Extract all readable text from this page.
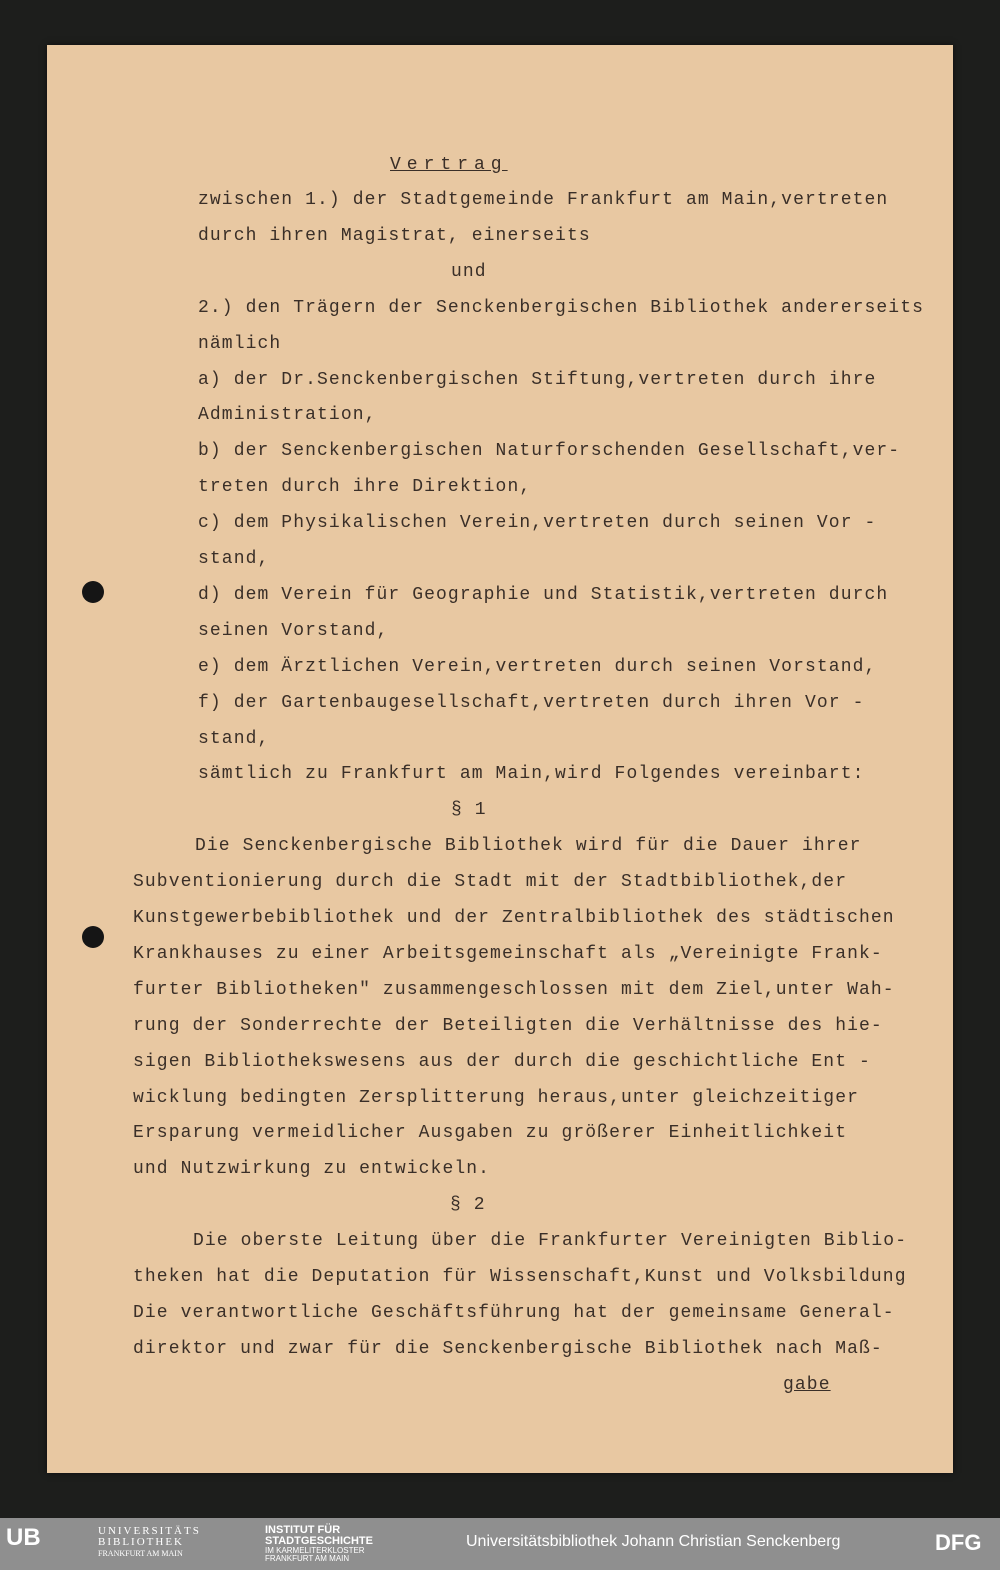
Vertrag
zwischen 1.) der Stadtgemeinde Frankfurt am Main,vertreten
durch ihren Magistrat, einerseits
und
2.) den Trägern der Senckenbergischen Bibliothek andererseits
nämlich
a) der Dr.Senckenbergischen Stiftung,vertreten durch ihre
Administration,
b) der Senckenbergischen Naturforschenden Gesellschaft,ver-
treten durch ihre Direktion,
c) dem Physikalischen Verein,vertreten durch seinen Vor -
stand,
d) dem Verein für Geographie und Statistik,vertreten durch
seinen Vorstand,
e) dem Ärztlichen Verein,vertreten durch seinen Vorstand,
f) der Gartenbaugesellschaft,vertreten durch ihren Vor -
stand,
sämtlich zu Frankfurt am Main,wird Folgendes vereinbart:
§ 1
Die Senckenbergische Bibliothek wird für die Dauer ihrer
Subventionierung durch die Stadt mit der Stadtbibliothek,der
Kunstgewerbebibliothek und der Zentralbibliothek des städtischen
Krankhauses zu einer Arbeitsgemeinschaft als „Vereinigte Frank-
furter Bibliotheken" zusammengeschlossen mit dem Ziel,unter Wah-
rung der Sonderrechte der Beteiligten die Verhältnisse des hie-
sigen Bibliothekswesens aus der durch die geschichtliche Ent -
wicklung bedingten Zersplitterung heraus,unter gleichzeitiger
Ersparung vermeidlicher Ausgaben zu größerer Einheitlichkeit
und Nutzwirkung zu entwickeln.
§ 2
Die oberste Leitung über die Frankfurter Vereinigten Biblio-
theken hat die Deputation für Wissenschaft,Kunst und Volksbildung
Die verantwortliche Geschäftsführung hat der gemeinsame General-
direktor und zwar für die Senckenbergische Bibliothek nach Maß-
gabe
UB	UNIVERSITÄTS
BIBLIOTHEK
FRANKFURT AM MAIN
INSTITUT FÜR
STADTGESCHICHTE
IM KARMELITERKLOSTER
FRANKFURT AM MAIN
Universitätsbibliothek Johann Christian Senckenberg	DFG
